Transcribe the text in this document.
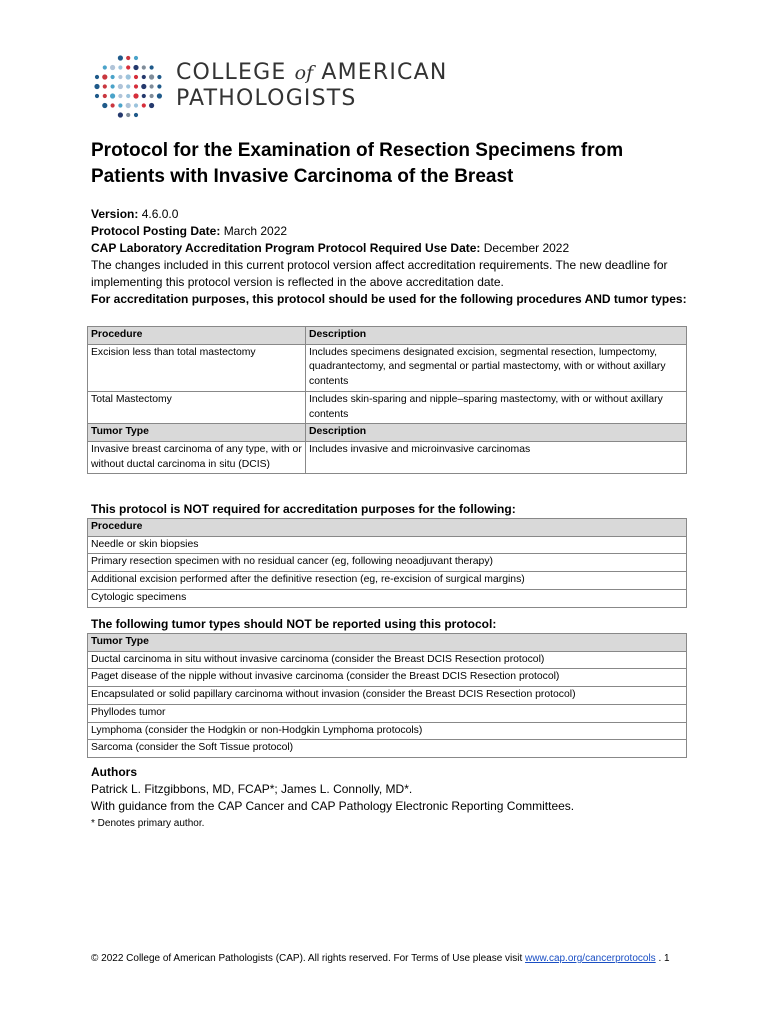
COLLEGE of AMERICAN
PATHOLOGISTS
Protocol for the Examination of Resection Specimens from Patients with Invasive Carcinoma of the Breast
Version: 4.6.0.0
Protocol Posting Date: March 2022
CAP Laboratory Accreditation Program Protocol Required Use Date: December 2022
The changes included in this current protocol version affect accreditation requirements. The new deadline for implementing this protocol version is reflected in the above accreditation date.
For accreditation purposes, this protocol should be used for the following procedures AND tumor types:
Procedure	Description
Excision less than total mastectomy	Includes specimens designated excision, segmental resection, lumpectomy, quadrantectomy, and segmental or partial mastectomy, with or without axillary contents
Total Mastectomy	Includes skin-sparing and nipple–sparing mastectomy, with or without axillary contents
Tumor Type	Description
Invasive breast carcinoma of any type, with or without ductal carcinoma in situ (DCIS)	Includes invasive and microinvasive carcinomas
This protocol is NOT required for accreditation purposes for the following:
Procedure
Needle or skin biopsies
Primary resection specimen with no residual cancer (eg, following neoadjuvant therapy)
Additional excision performed after the definitive resection (eg, re-excision of surgical margins)
Cytologic specimens
The following tumor types should NOT be reported using this protocol:
Tumor Type
Ductal carcinoma in situ without invasive carcinoma (consider the Breast DCIS Resection protocol)
Paget disease of the nipple without invasive carcinoma (consider the Breast DCIS Resection protocol)
Encapsulated or solid papillary carcinoma without invasion (consider the Breast DCIS Resection protocol)
Phyllodes tumor
Lymphoma (consider the Hodgkin or non-Hodgkin Lymphoma protocols)
Sarcoma (consider the Soft Tissue protocol)
Authors
Patrick L. Fitzgibbons, MD, FCAP*; James L. Connolly, MD*.
With guidance from the CAP Cancer and CAP Pathology Electronic Reporting Committees.
* Denotes primary author.
© 2022 College of American Pathologists (CAP). All rights reserved. For Terms of Use please visit www.cap.org/cancerprotocols . 1
